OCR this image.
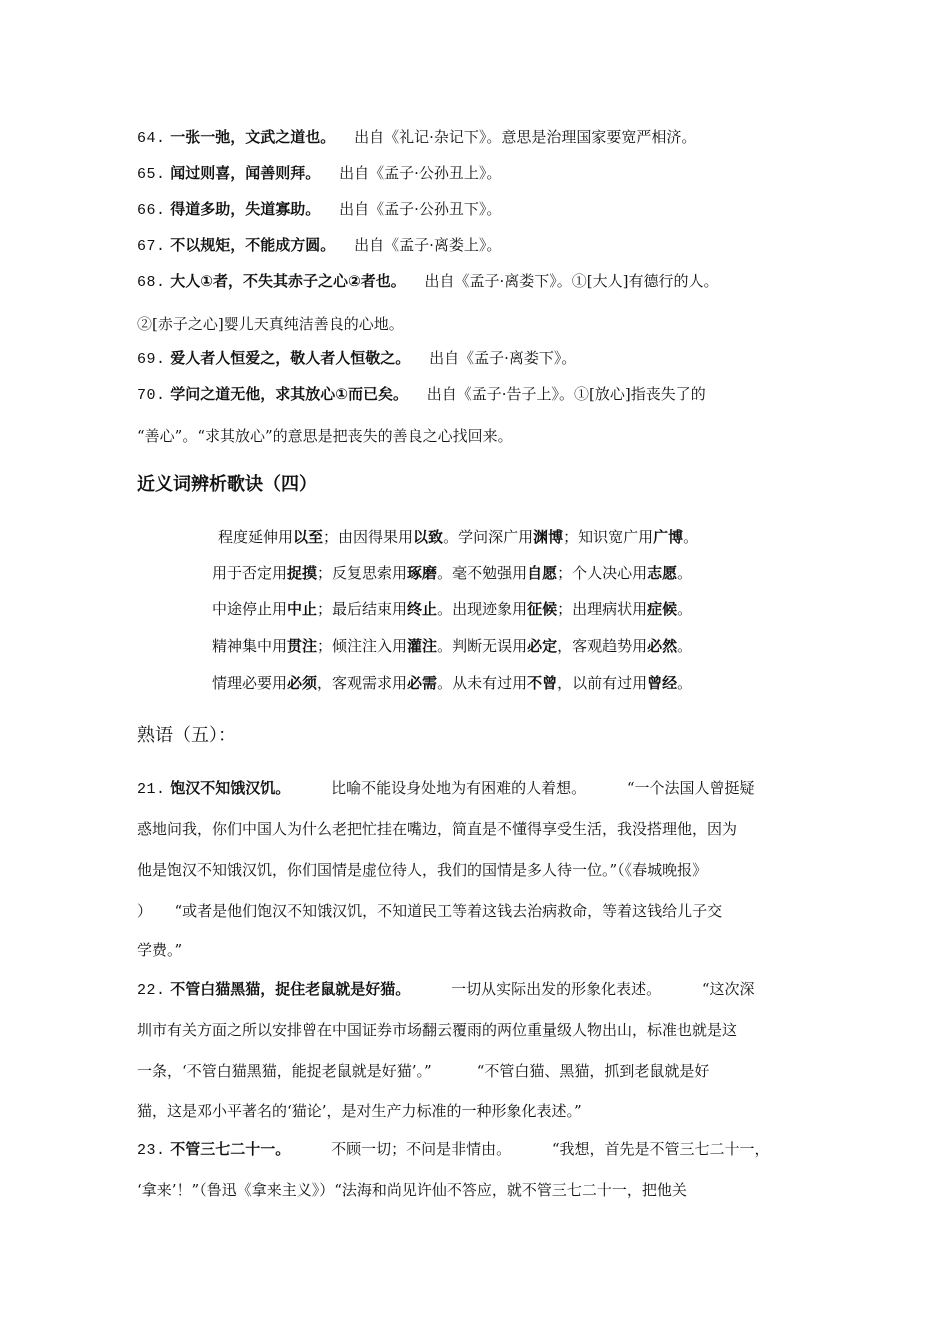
64. 一张一弛，文武之道也。 出自《礼记·杂记下》。意思是治理国家要宽严相济。
65. 闻过则喜，闻善则拜。 出自《孟子·公孙丑上》。
66. 得道多助，失道寡助。 出自《孟子·公孙丑下》。
67. 不以规矩，不能成方圆。 出自《孟子·离娄上》。
68. 大人①者，不失其赤子之心②者也。 出自《孟子·离娄下》。①[大人]有德行的人。
②[赤子之心]婴儿天真纯洁善良的心地。
69. 爱人者人恒爱之，敬人者人恒敬之。 出自《孟子·离娄下》。
70. 学问之道无他，求其放心①而已矣。 出自《孟子·告子上》。①[放心]指丧失了的
“善心”。“求其放心”的意思是把丧失的善良之心找回来。
近义词辨析歌诀（四）
程度延伸用以至；由因得果用以致。学问深广用渊博；知识宽广用广博。
用于否定用捉摸；反复思索用琢磨。毫不勉强用自愿；个人决心用志愿。
中途停止用中止；最后结束用终止。出现迹象用征候；出理病状用症候。
精神集中用贯注；倾注注入用灌注。判断无误用必定，客观趋势用必然。
情理必要用必须，客观需求用必需。从未有过用不曾，以前有过用曾经。
熟语（五）：
21. 饱汉不知饿汉饥。	比喻不能设身处地为有困难的人着想。	“一个法国人曾挺疑
惑地问我，你们中国人为什么老把忙挂在嘴边，简直是不懂得享受生活，我没搭理他，因为
他是饱汉不知饿汉饥，你们国情是虚位待人，我们的国情是多人待一位。”（《春城晚报》
）　　“或者是他们饱汉不知饿汉饥，不知道民工等着这钱去治病救命，等着这钱给儿子交
学费。”
22. 不管白猫黑猫，捉住老鼠就是好猫。	一切从实际出发的形象化表述。	“这次深
圳市有关方面之所以安排曾在中国证券市场翻云覆雨的两位重量级人物出山，标准也就是这
一条，‘不管白猫黑猫，能捉老鼠就是好猫’。”　　　“不管白猫、黑猫，抓到老鼠就是好
猫，这是邓小平著名的‘猫论’，是对生产力标准的一种形象化表述。”
23. 不管三七二十一。	不顾一切；不问是非情由。	“我想，首先是不管三七二十一，
‘拿来’！”（鲁迅《拿来主义》）“法海和尚见许仙不答应，就不管三七二十一，把他关
